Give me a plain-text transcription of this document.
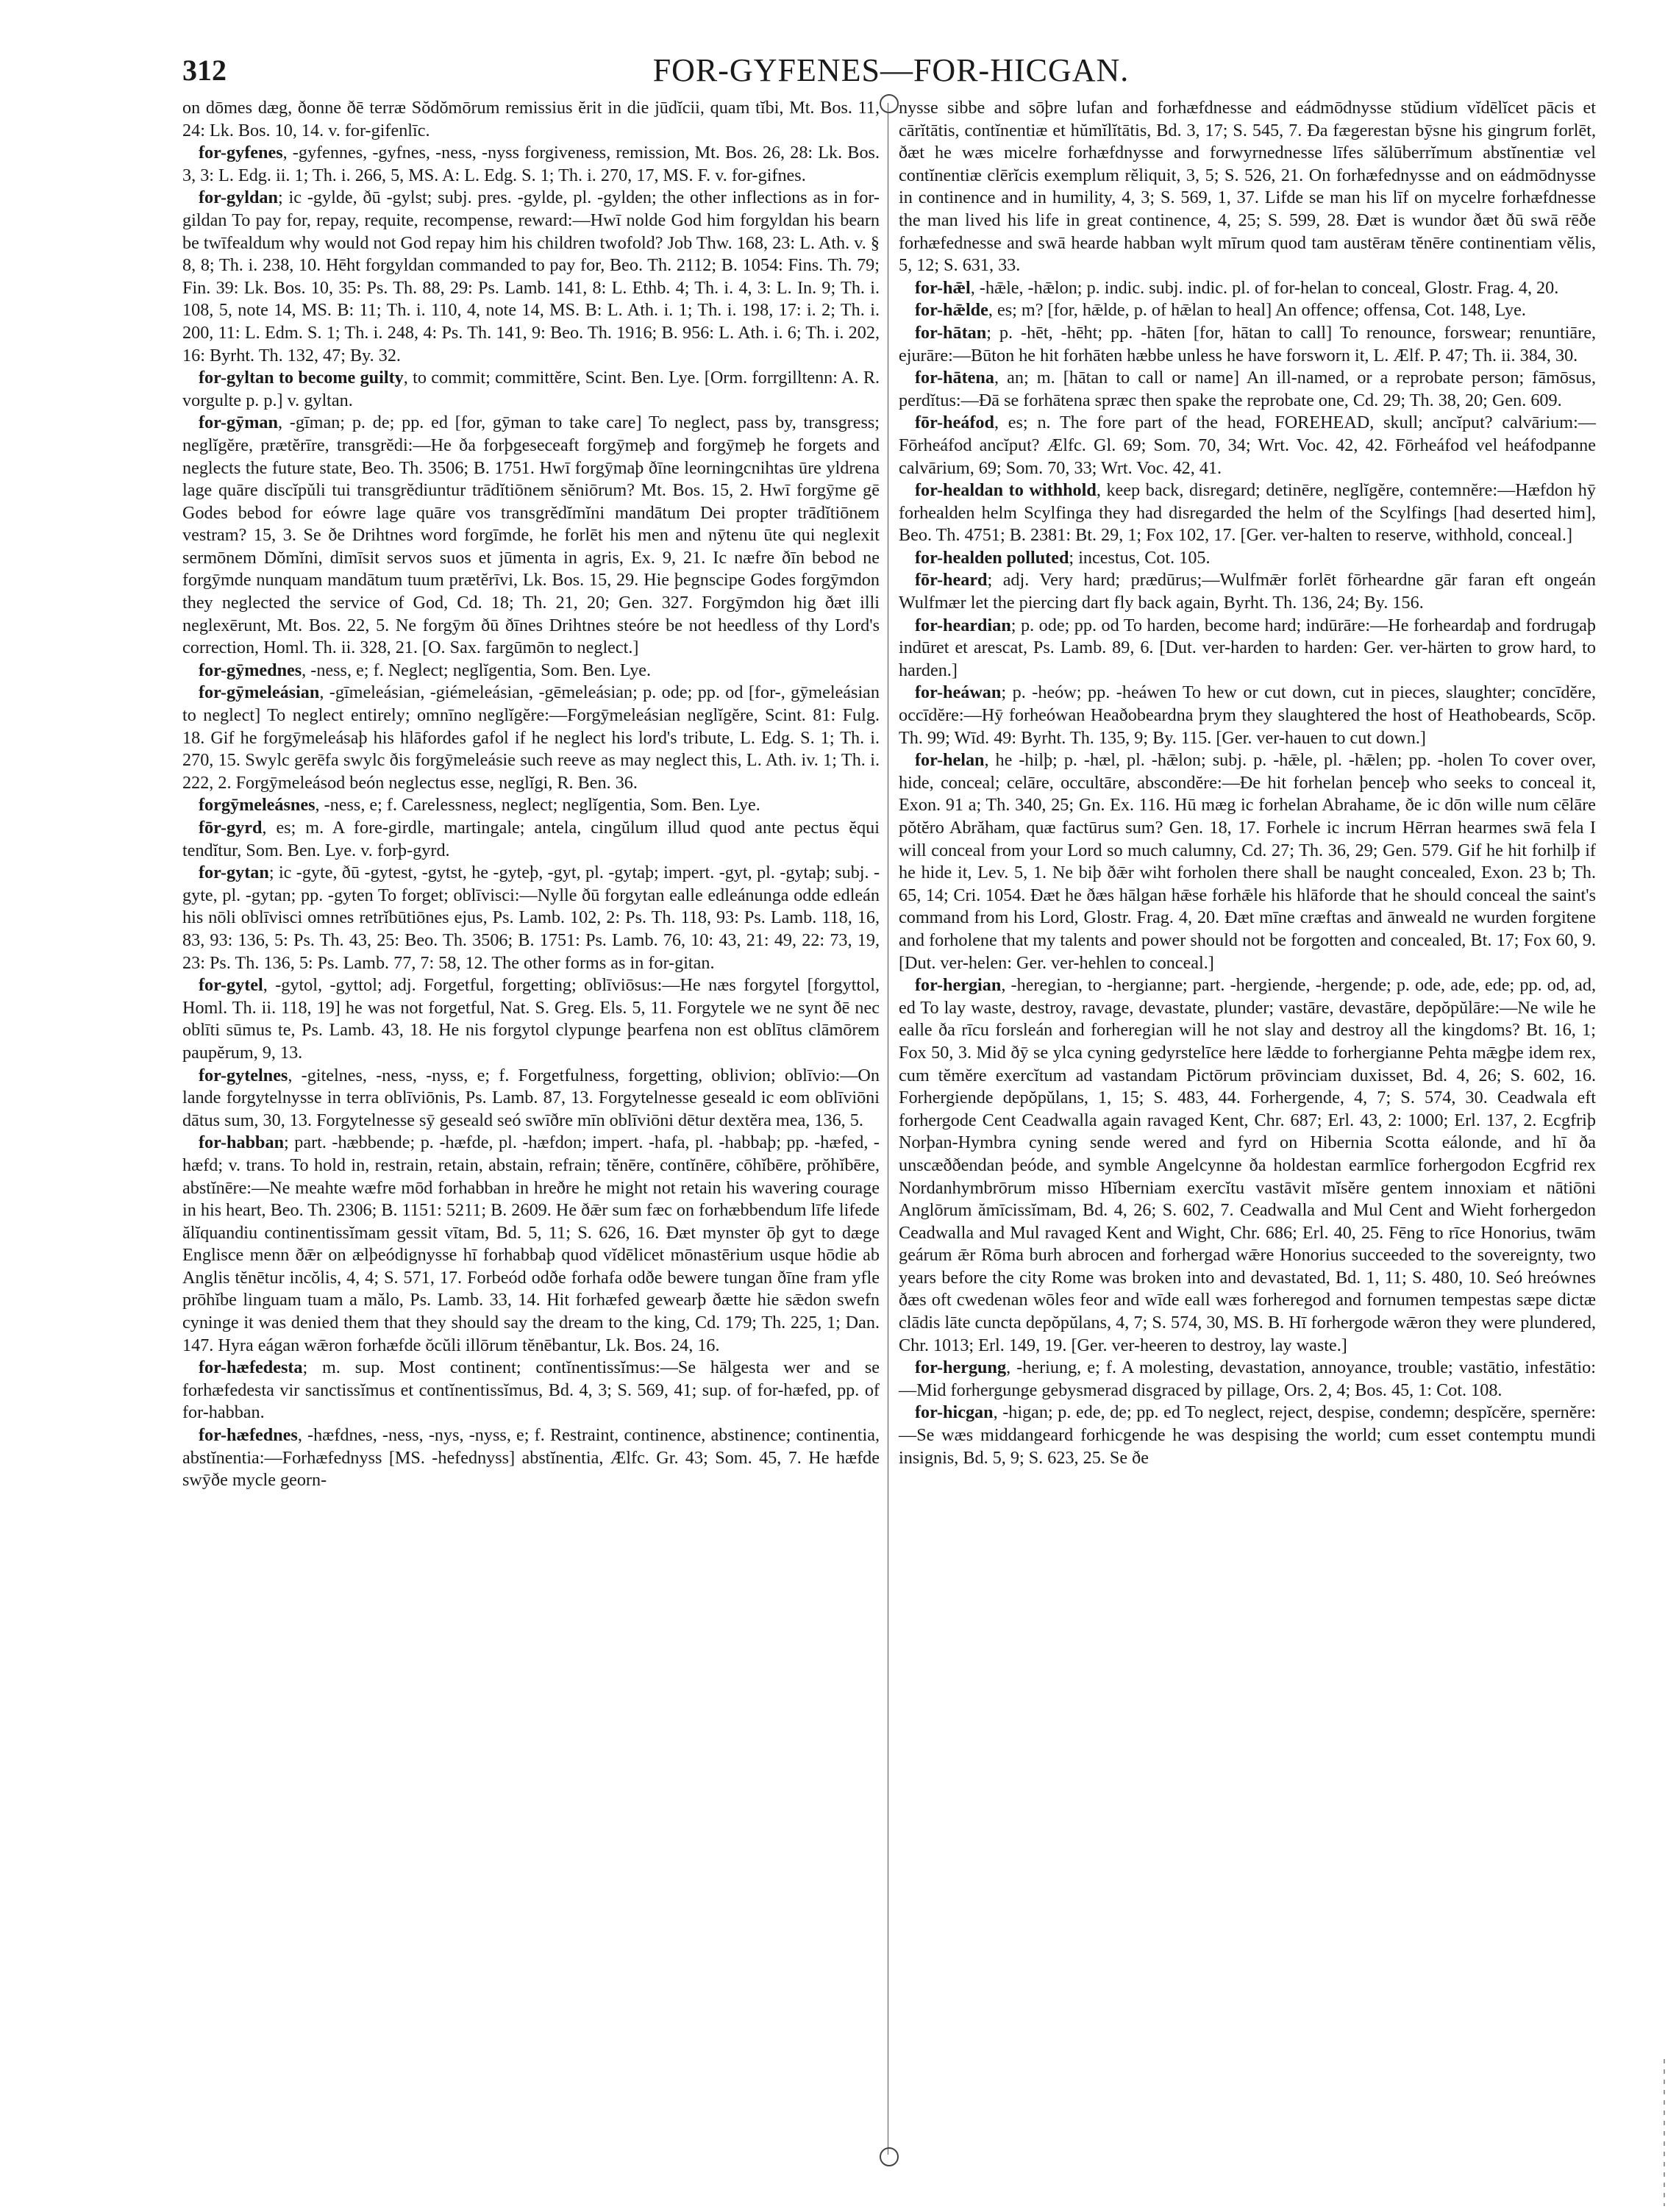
312	FOR-GYFENES—FOR-HICGAN.

on dōmes dæg, ðonne ðē terræ Sŏdŏmōrum remissius ĕrit in die jūdĭcii, quam tĭbi, Mt. Bos. 11, 24: Lk. Bos. 10, 14. v. for-gifenlīc.

for-gyfenes, -gyfennes, -gyfnes, -ness, -nyss forgiveness, remission, Mt. Bos. 26, 28: Lk. Bos. 3, 3: L. Edg. ii. 1; Th. i. 266, 5, MS. A: L. Edg. S. 1; Th. i. 270, 17, MS. F. v. for-gifnes.

for-gyldan; ic -gylde, ðū -gylst; subj. pres. -gylde, pl. -gylden; the other inflections as in for-gildan To pay for, repay, requite, recompense, reward:—Hwī nolde God him forgyldan his bearn be twīfealdum why would not God repay him his children twofold? Job Thw. 168, 23: L. Ath. v. § 8, 8; Th. i. 238, 10. Hēht forgyldan commanded to pay for, Beo. Th. 2112; B. 1054: Fins. Th. 79; Fin. 39: Lk. Bos. 10, 35: Ps. Th. 88, 29: Ps. Lamb. 141, 8: L. Ethb. 4; Th. i. 4, 3: L. In. 9; Th. i. 108, 5, note 14, MS. B: 11; Th. i. 110, 4, note 14, MS. B: L. Ath. i. 1; Th. i. 198, 17: i. 2; Th. i. 200, 11: L. Edm. S. 1; Th. i. 248, 4: Ps. Th. 141, 9: Beo. Th. 1916; B. 956: L. Ath. i. 6; Th. i. 202, 16: Byrht. Th. 132, 47; By. 32.

for-gyltan to become guilty, to commit; committĕre, Scint. Ben. Lye. [Orm. forrgilltenn: A. R. vorgulte p. p.] v. gyltan.

for-gȳman, -gīman; p. de; pp. ed [for, gȳman to take care] To neglect, pass by, transgress; neglĭgĕre, prætĕrīre, transgrĕdi:—He ða forþgeseceaft forgȳmeþ and forgȳmeþ he forgets and neglects the future state, Beo. Th. 3506; B. 1751. Hwī forgȳmaþ ðīne leorningcnihtas ūre yldrena lage quāre discĭpŭli tui transgrĕdiuntur trādĭtiōnem sĕniōrum? Mt. Bos. 15, 2. Hwī forgȳme gē Godes bebod for eówre lage quāre vos transgrĕdĭmĭni mandātum Dei propter trādĭtiōnem vestram? 15, 3. Se ðe Drihtnes word forgīmde, he forlēt his men and nȳtenu ūte qui neglexit sermōnem Dŏmĭni, dimīsit servos suos et jūmenta in agris, Ex. 9, 21. Ic næfre ðīn bebod ne forgȳmde nunquam mandātum tuum prætĕrīvi, Lk. Bos. 15, 29. Hie þegnscipe Godes forgȳmdon they neglected the service of God, Cd. 18; Th. 21, 20; Gen. 327. Forgȳmdon hig ðæt illi neglexērunt, Mt. Bos. 22, 5. Ne forgȳm ðū ðīnes Drihtnes steóre be not heedless of thy Lord's correction, Homl. Th. ii. 328, 21. [O. Sax. fargūmōn to neglect.]

for-gȳmednes, -ness, e; f. Neglect; neglĭgentia, Som. Ben. Lye.

for-gȳmeleásian, -gīmeleásian, -giémeleásian, -gēmeleásian; p. ode; pp. od [for-, gȳmeleásian to neglect] To neglect entirely; omnīno neglĭgĕre:—Forgȳmeleásian neglĭgĕre, Scint. 81: Fulg. 18. Gif he forgȳmeleásaþ his hlāfordes gafol if he neglect his lord's tribute, L. Edg. S. 1; Th. i. 270, 15. Swylc gerēfa swylc ðis forgȳmeleásie such reeve as may neglect this, L. Ath. iv. 1; Th. i. 222, 2. Forgȳmeleásod beón neglectus esse, neglĭgi, R. Ben. 36.

forgȳmeleásnes, -ness, e; f. Carelessness, neglect; neglĭgentia, Som. Ben. Lye.

fōr-gyrd, es; m. A fore-girdle, martingale; antela, cingŭlum illud quod ante pectus ĕqui tendĭtur, Som. Ben. Lye. v. forþ-gyrd.

for-gytan; ic -gyte, ðū -gytest, -gytst, he -gyteþ, -gyt, pl. -gytaþ; impert. -gyt, pl. -gytaþ; subj. -gyte, pl. -gytan; pp. -gyten To forget; oblīvisci:—Nylle ðū forgytan ealle edleánunga odde edleán his nōli oblīvisci omnes retrĭbūtiōnes ejus, Ps. Lamb. 102, 2: Ps. Th. 118, 93: Ps. Lamb. 118, 16, 83, 93: 136, 5: Ps. Th. 43, 25: Beo. Th. 3506; B. 1751: Ps. Lamb. 76, 10: 43, 21: 49, 22: 73, 19, 23: Ps. Th. 136, 5: Ps. Lamb. 77, 7: 58, 12. The other forms as in for-gitan.

for-gytel, -gytol, -gyttol; adj. Forgetful, forgetting; oblīviōsus:—He næs forgytel [forgyttol, Homl. Th. ii. 118, 19] he was not forgetful, Nat. S. Greg. Els. 5, 11. Forgytele we ne synt ðē nec oblīti sūmus te, Ps. Lamb. 43, 18. He nis forgytol clypunge þearfena non est oblītus clāmōrem paupĕrum, 9, 13.

for-gytelnes, -gitelnes, -ness, -nyss, e; f. Forgetfulness, forgetting, oblivion; oblīvio:—On lande forgytelnysse in terra oblīviōnis, Ps. Lamb. 87, 13. Forgytelnesse geseald ic eom oblīviōni dātus sum, 30, 13. Forgytelnesse sȳ geseald seó swīðre mīn oblīviōni dētur dextĕra mea, 136, 5.

for-habban; part. -hæbbende; p. -hæfde, pl. -hæfdon; impert. -hafa, pl. -habbaþ; pp. -hæfed, -hæfd; v. trans. To hold in, restrain, retain, abstain, refrain; tĕnēre, contĭnēre, cōhĭbēre, prŏhĭbēre, abstĭnēre:—Ne meahte wæfre mōd forhabban in hreðre he might not retain his wavering courage in his heart, Beo. Th. 2306; B. 1151: 5211; B. 2609. He ðǣr sum fæc on forhæbbendum līfe lifede ălĭquandiu continentissĭmam gessit vītam, Bd. 5, 11; S. 626, 16. Ðæt mynster ōþ gyt to dæge Englisce menn ðǣr on ælþeódignysse hī forhabbaþ quod vĭdēlicet mōnastērium usque hōdie ab Anglis tĕnētur incŏlis, 4, 4; S. 571, 17. Forbeód odðe forhafa odðe bewere tungan ðīne fram yfle prōhĭbe linguam tuam a mălo, Ps. Lamb. 33, 14. Hit forhæfed gewearþ ðætte hie sǣdon swefn cyninge it was denied them that they should say the dream to the king, Cd. 179; Th. 225, 1; Dan. 147. Hyra eágan wǣron forhæfde ŏcŭli illōrum tĕnēbantur, Lk. Bos. 24, 16.

for-hæfedesta; m. sup. Most continent; contĭnentissĭmus:—Se hālgesta wer and se forhæfedesta vir sanctissĭmus et contĭnentissĭmus, Bd. 4, 3; S. 569, 41; sup. of for-hæfed, pp. of for-habban.

for-hæfednes, -hæfdnes, -ness, -nys, -nyss, e; f. Restraint, continence, abstinence; continentia, abstĭnentia:—Forhæfednyss [MS. -hefednyss] abstĭnentia, Ælfc. Gr. 43; Som. 45, 7. He hæfde swȳðe mycle georn-

nysse sibbe and sōþre lufan and forhæfdnesse and eádmōdnysse stŭdium vĭdēlĭcet pācis et cārĭtātis, contĭnentiæ et hŭmĭlĭtātis, Bd. 3, 17; S. 545, 7. Ða fægerestan bȳsne his gingrum forlēt, ðæt he wæs micelre forhæfdnysse and forwyrnednesse līfes sălūberrĭmum abstĭnentiæ vel contĭnentiæ clērĭcis exemplum rĕliquit, 3, 5; S. 526, 21. On forhæfednysse and on eádmōdnysse in continence and in humility, 4, 3; S. 569, 1, 37. Lifde se man his līf on mycelre forhæfdnesse the man lived his life in great continence, 4, 25; S. 599, 28. Ðæt is wundor ðæt ðū swā rēðe forhæfednesse and swā hearde habban wylt mīrum quod tam austērам tĕnēre continentiam vĕlis, 5, 12; S. 631, 33.

for-hǣl, -hǣle, -hǣlon; p. indic. subj. indic. pl. of for-helan to conceal, Glostr. Frag. 4, 20.

for-hǣlde, es; m? [for, hǣlde, p. of hǣlan to heal] An offence; offensa, Cot. 148, Lye.

for-hātan; p. -hēt, -hēht; pp. -hāten [for, hātan to call] To renounce, forswear; renuntiāre, ejurāre:—Būton he hit forhāten hæbbe unless he have forsworn it, L. Ælf. P. 47; Th. ii. 384, 30.

for-hātena, an; m. [hātan to call or name] An ill-named, or a reprobate person; fāmōsus, perdĭtus:—Ðā se forhātena spræc then spake the reprobate one, Cd. 29; Th. 38, 20; Gen. 609.

fōr-heáfod, es; n. The fore part of the head, FOREHEAD, skull; ancĭput? calvārium:—Fōrheáfod ancĭput? Ælfc. Gl. 69; Som. 70, 34; Wrt. Voc. 42, 42. Fōrheáfod vel heáfodpanne calvārium, 69; Som. 70, 33; Wrt. Voc. 42, 41.

for-healdan to withhold, keep back, disregard; detinēre, neglĭgĕre, contemnĕre:—Hæfdon hȳ forhealden helm Scylfinga they had disregarded the helm of the Scylfings [had deserted him], Beo. Th. 4751; B. 2381: Bt. 29, 1; Fox 102, 17. [Ger. ver-halten to reserve, withhold, conceal.]

for-healden polluted; incestus, Cot. 105.

fōr-heard; adj. Very hard; prædūrus;—Wulfmǣr forlēt fōrheardne gār faran eft ongeán Wulfmær let the piercing dart fly back again, Byrht. Th. 136, 24; By. 156.

for-heardian; p. ode; pp. od To harden, become hard; indūrāre:—He forheardaþ and fordrugaþ indūret et arescat, Ps. Lamb. 89, 6. [Dut. ver-harden to harden: Ger. ver-härten to grow hard, to harden.]

for-heáwan; p. -heów; pp. -heáwen To hew or cut down, cut in pieces, slaughter; concīdĕre, occīdĕre:—Hȳ forheówan Heaðobeardna þrym they slaughtered the host of Heathobeards, Scōp. Th. 99; Wīd. 49: Byrht. Th. 135, 9; By. 115. [Ger. ver-hauen to cut down.]

for-helan, he -hilþ; p. -hæl, pl. -hǣlon; subj. p. -hǣle, pl. -hǣlen; pp. -holen To cover over, hide, conceal; celāre, occultāre, abscondĕre:—Ðe hit forhelan þenceþ who seeks to conceal it, Exon. 91 a; Th. 340, 25; Gn. Ex. 116. Hū mæg ic forhelan Abrahame, ðe ic dōn wille num cēlāre pŏtĕro Abrăham, quæ factūrus sum? Gen. 18, 17. Forhele ic incrum Hērran hearmes swā fela I will conceal from your Lord so much calumny, Cd. 27; Th. 36, 29; Gen. 579. Gif he hit forhilþ if he hide it, Lev. 5, 1. Ne biþ ðǣr wiht forholen there shall be naught concealed, Exon. 23 b; Th. 65, 14; Cri. 1054. Ðæt he ðæs hālgan hǣse forhǣle his hlāforde that he should conceal the saint's command from his Lord, Glostr. Frag. 4, 20. Ðæt mīne cræftas and ānweald ne wurden forgitene and forholene that my talents and power should not be forgotten and concealed, Bt. 17; Fox 60, 9. [Dut. ver-helen: Ger. ver-hehlen to conceal.]

for-hergian, -heregian, to -hergianne; part. -hergiende, -hergende; p. ode, ade, ede; pp. od, ad, ed To lay waste, destroy, ravage, devastate, plunder; vastāre, devastāre, depŏpŭlāre:—Ne wile he ealle ða rīcu forsleán and forheregian will he not slay and destroy all the kingdoms? Bt. 16, 1; Fox 50, 3. Mid ðȳ se ylca cyning gedyrstelīce here lǣdde to forhergianne Pehta mǣgþe idem rex, cum tĕmĕre exercĭtum ad vastandam Pictōrum prōvinciam duxisset, Bd. 4, 26; S. 602, 16. Forhergiende depŏpŭlans, 1, 15; S. 483, 44. Forhergende, 4, 7; S. 574, 30. Ceadwala eft forhergode Cent Ceadwalla again ravaged Kent, Chr. 687; Erl. 43, 2: 1000; Erl. 137, 2. Ecgfriþ Norþan-Hymbra cyning sende wered and fyrd on Hibernia Scotta eálonde, and hī ða unscæððendan þeóde, and symble Angelcynne ða holdestan earmlīce forhergodon Ecgfrid rex Nordanhymbrōrum misso Hĭberniam exercĭtu vastāvit mĭsĕre gentem innoxiam et nātiōni Anglōrum ămīcissĭmam, Bd. 4, 26; S. 602, 7. Ceadwalla and Mul Cent and Wieht forhergedon Ceadwalla and Mul ravaged Kent and Wight, Chr. 686; Erl. 40, 25. Fēng to rīce Honorius, twām geárum ǣr Rōma burh abrocen and forhergad wǣre Honorius succeeded to the sovereignty, two years before the city Rome was broken into and devastated, Bd. 1, 11; S. 480, 10. Seó hreównes ðæs oft cwedenan wōles feor and wīde eall wæs forheregod and fornumen tempestas sæpe dictæ clādis lāte cuncta depŏpŭlans, 4, 7; S. 574, 30, MS. B. Hī forhergode wǣron they were plundered, Chr. 1013; Erl. 149, 19. [Ger. ver-heeren to destroy, lay waste.]

for-hergung, -heriung, e; f. A molesting, devastation, annoyance, trouble; vastātio, infestātio:—Mid forhergunge gebysmerad disgraced by pillage, Ors. 2, 4; Bos. 45, 1: Cot. 108.

for-hicgan, -higan; p. ede, de; pp. ed To neglect, reject, despise, condemn; despĭcĕre, spernĕre:—Se wæs middangeard forhicgende he was despising the world; cum esset contemptu mundi insignis, Bd. 5, 9; S. 623, 25. Se ðe
